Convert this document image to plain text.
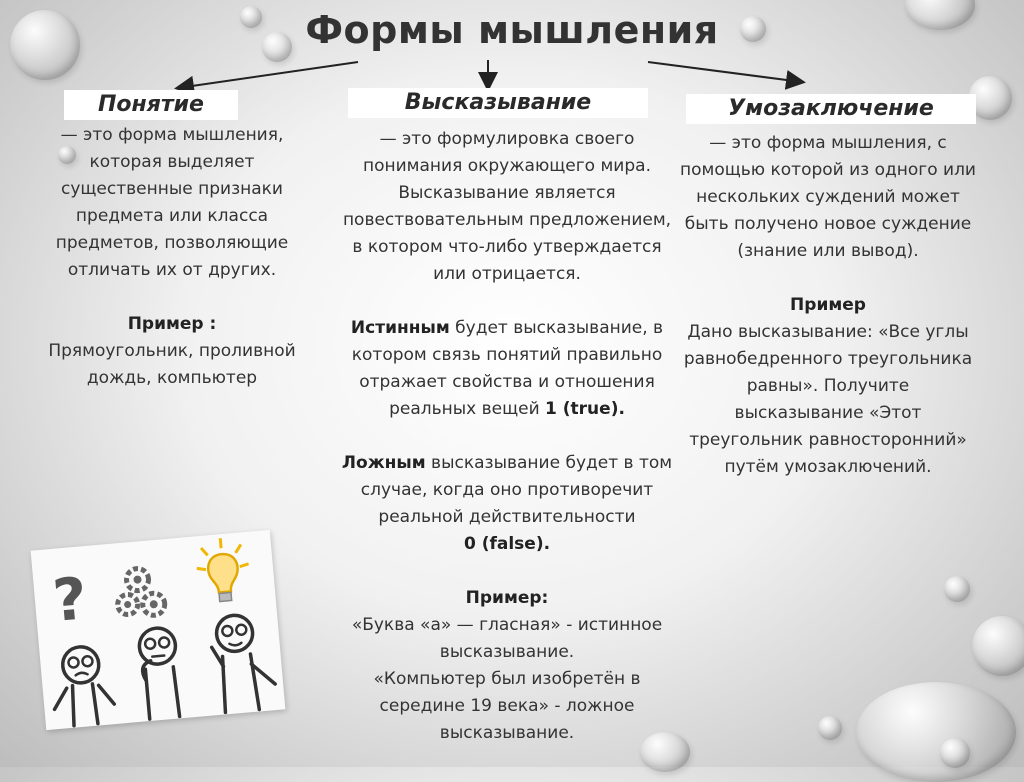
Формы мышления
Понятие	Высказывание	Умозаключение

— это форма мышления, которая выделяет существенные признаки предмета или класса предметов, позволяющие отличать их от других.

Пример :

Прямоугольник, проливной дождь, компьютер

— это формулировка своего понимания окружающего мира. Высказывание является повествовательным предложением, в котором что-либо утверждается или отрицается.

Истинным будет высказывание, в котором связь понятий правильно отражает свойства и отношения реальных вещей 1 (true).

Ложным высказывание будет в том случае, когда оно противоречит реальной действительности

0 (false).

Пример:

«Буква «а» — гласная» - истинное высказывание.

«Компьютер был изобретён в середине 19 века» - ложное высказывание.

— это форма мышления, с помощью которой из одного или нескольких суждений может быть получено новое суждение (знание или вывод).

Пример

Дано высказывание: «Все углы равнобедренного треугольника равны». Получите высказывание «Этот треугольник равносторонний» путём умозаключений.

?
